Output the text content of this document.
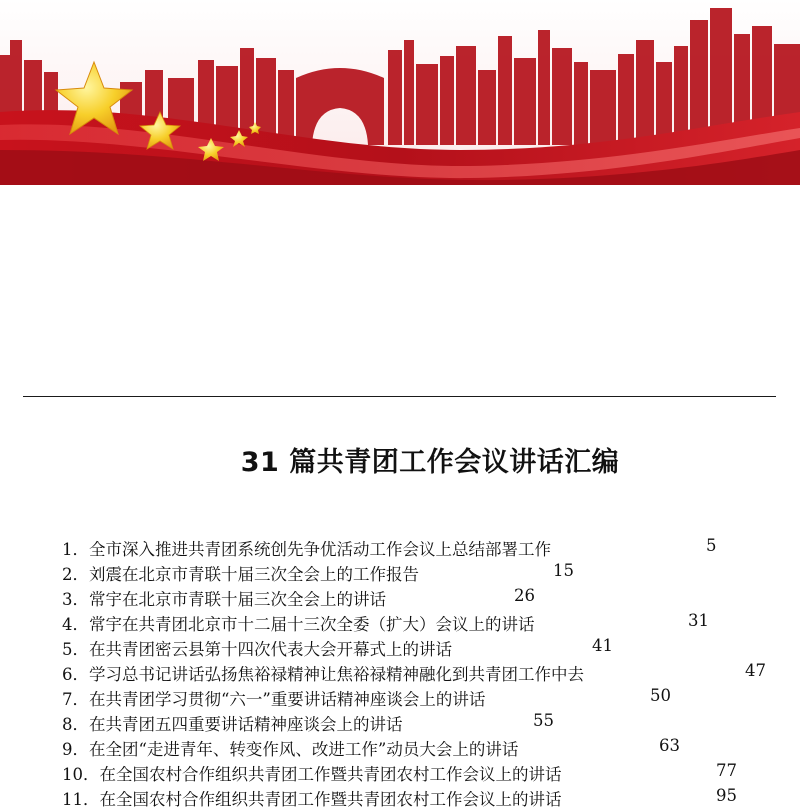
31 篇共青团工作会议讲话汇编
1．全市深入推进共青团系统创先争优活动工作会议上总结部署工作	5
2．刘震在北京市青联十届三次全会上的工作报告	15
3．常宇在北京市青联十届三次全会上的讲话	26
4．常宇在共青团北京市十二届十三次全委（扩大）会议上的讲话	31
5．在共青团密云县第十四次代表大会开幕式上的讲话	41
6．学习总书记讲话弘扬焦裕禄精神让焦裕禄精神融化到共青团工作中去	47
7．在共青团学习贯彻“六一”重要讲话精神座谈会上的讲话	50
8．在共青团五四重要讲话精神座谈会上的讲话	55
9．在全团“走进青年、转变作风、改进工作”动员大会上的讲话	63
10．在全国农村合作组织共青团工作暨共青团农村工作会议上的讲话	77
11．在全国农村合作组织共青团工作暨共青团农村工作会议上的讲话	95
